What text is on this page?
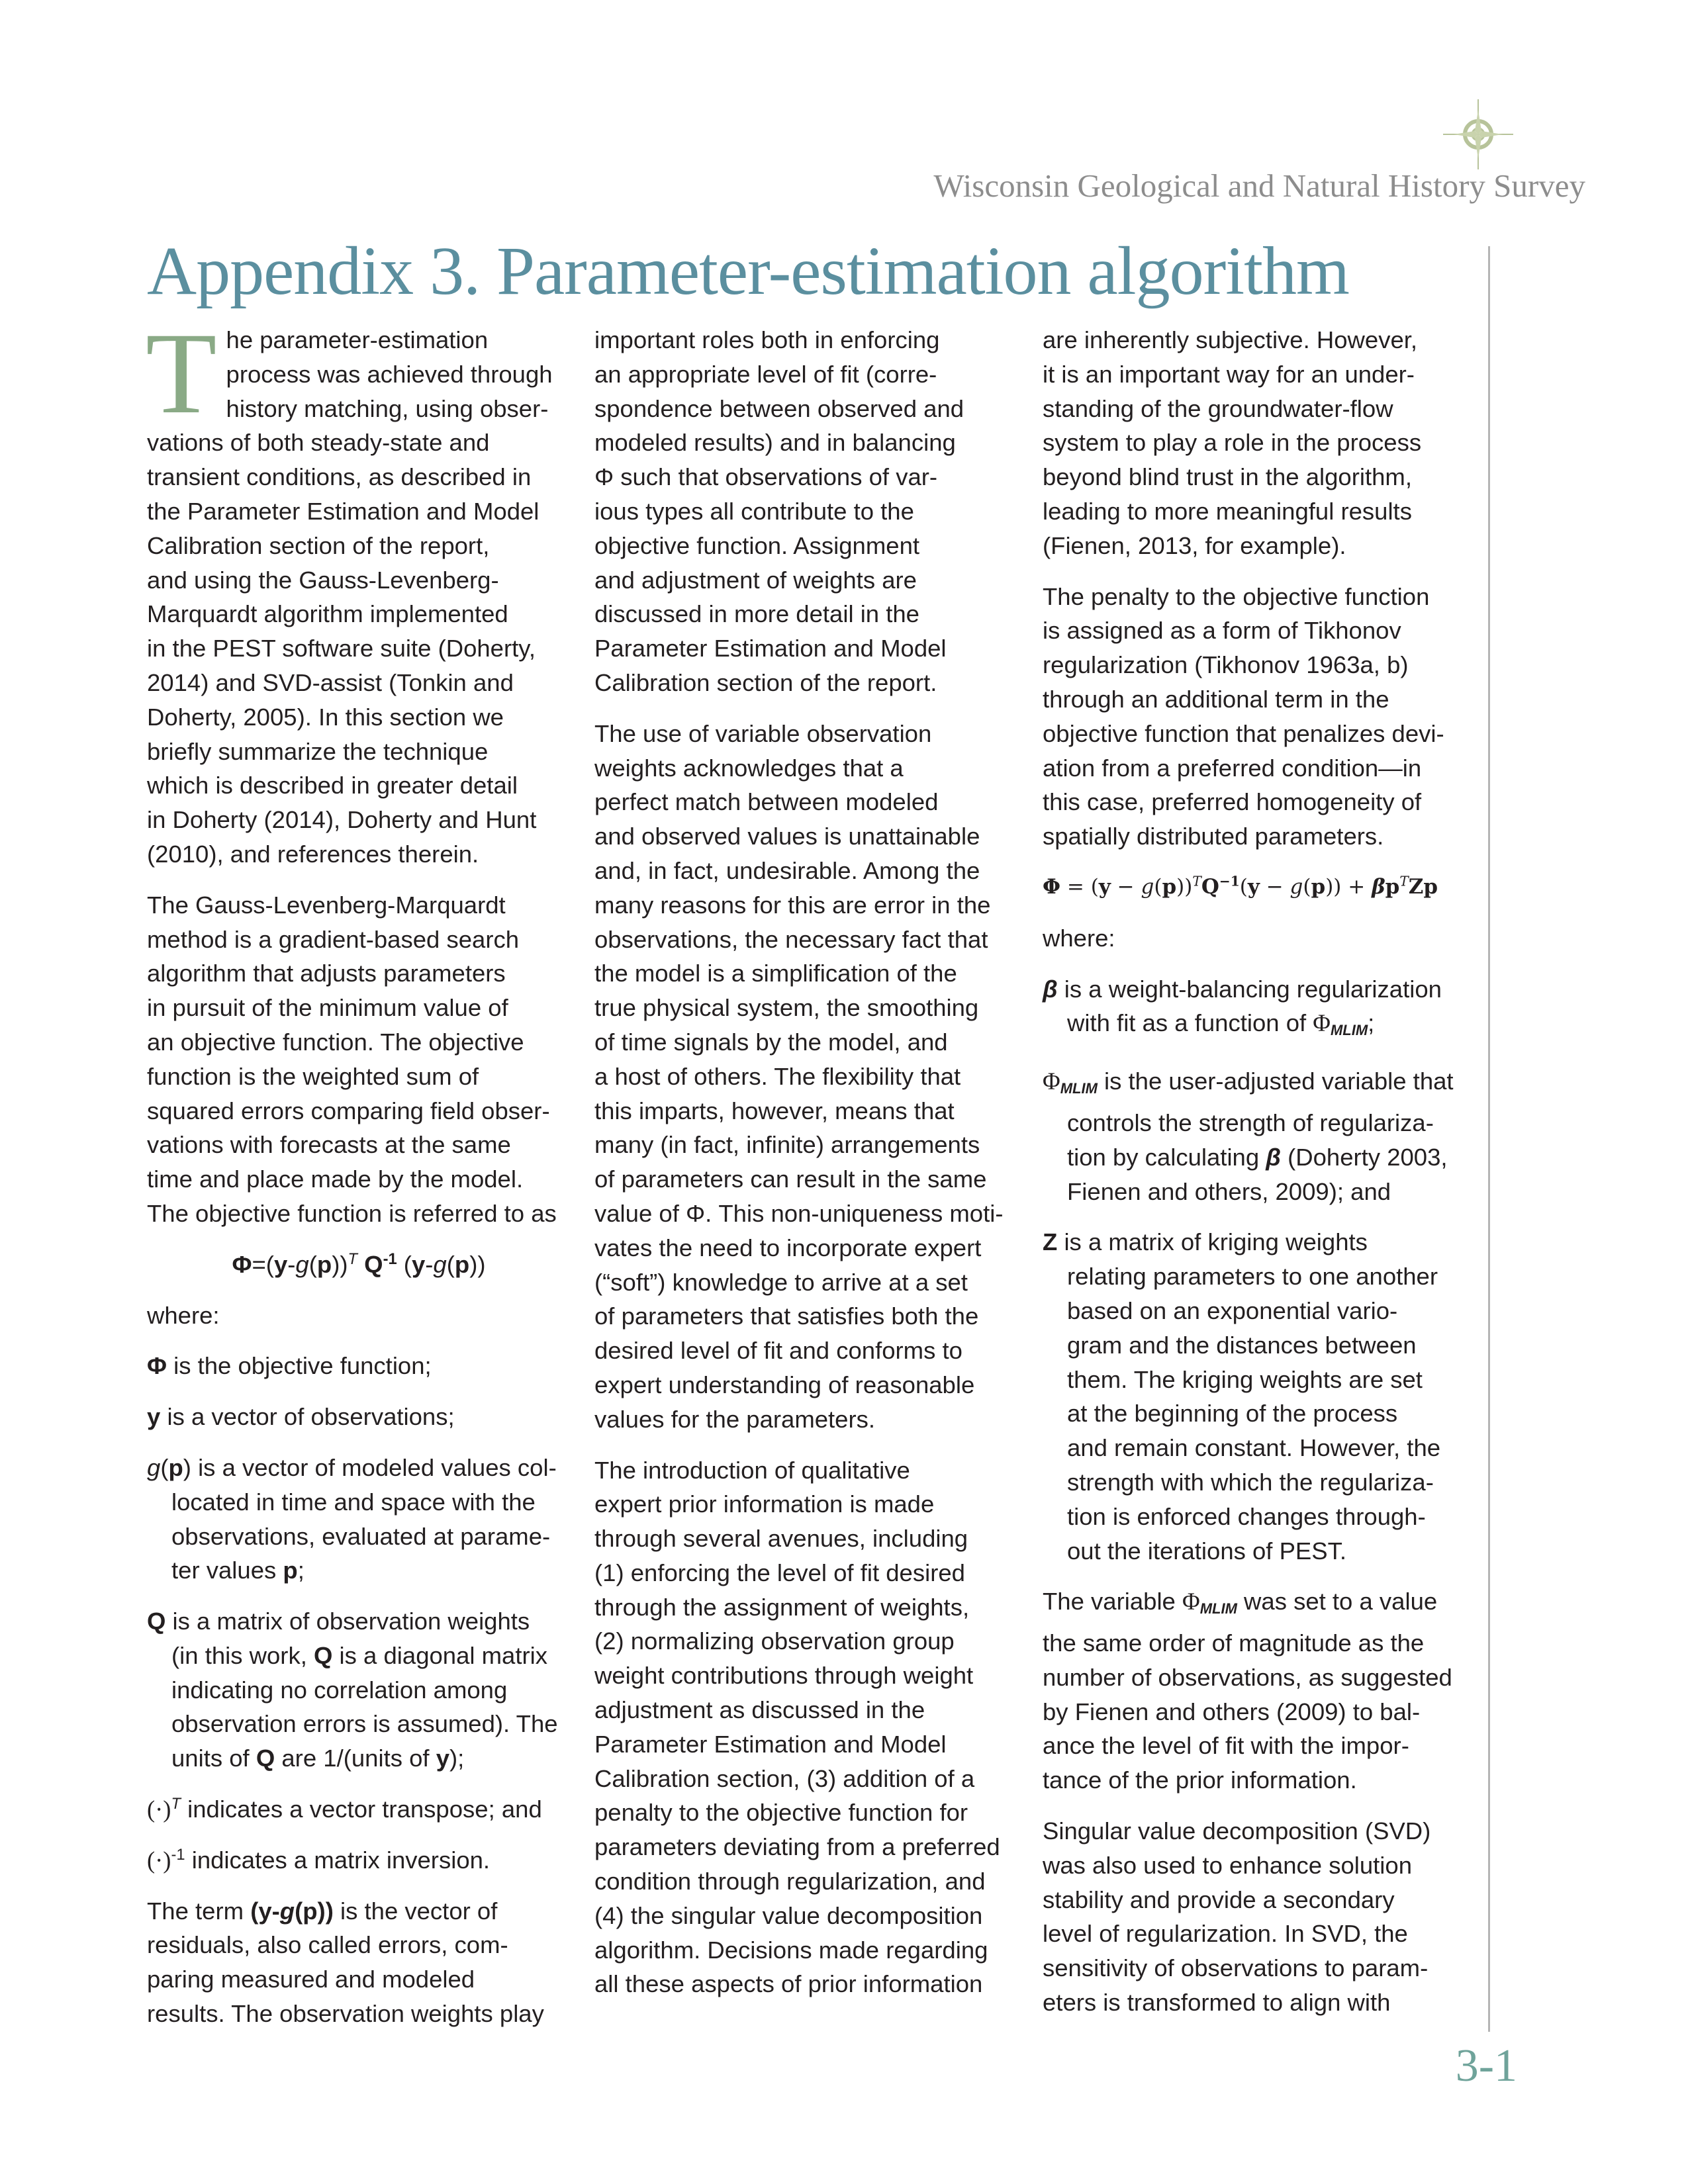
Wisconsin Geological and Natural History Survey
Appendix 3. Parameter-estimation algorithm

T he parameter-estimation
process was achieved through
history matching, using obser-
vations of both steady-state and
transient conditions, as described in
the Parameter Estimation and Model
Calibration section of the report,
and using the Gauss-Levenberg-
Marquardt algorithm implemented
in the PEST software suite (Doherty,
2014) and SVD-assist (Tonkin and
Doherty, 2005). In this section we
briefly summarize the technique
which is described in greater detail
in Doherty (2014), Doherty and Hunt
(2010), and references therein.

The Gauss-Levenberg-Marquardt
method is a gradient-based search
algorithm that adjusts parameters
in pursuit of the minimum value of
an objective function. The objective
function is the weighted sum of
squared errors comparing field obser-
vations with forecasts at the same
time and place made by the model.
The objective function is referred to as

$\Phi=(y-g(p))^T$ $Q^{-1}$ (y-g(p))

where:

Φ is the objective function;

y is a vector of observations;

g(p) is a vector of modeled values col-
located in time and space with the
observations, evaluated at parame-
ter values p;

Q is a matrix of observation weights
(in this work, Q is a diagonal matrix
indicating no correlation among
observation errors is assumed). The
units of Q are 1/(units of y);

$(\cdot)^T$ indicates a vector transpose; and

$(\cdot)^{-1}$ indicates a matrix inversion.

The term (y-g(p)) is the vector of
residuals, also called errors, com-
paring measured and modeled
results. The observation weights play

important roles both in enforcing
an appropriate level of fit (corre-
spondence between observed and
modeled results) and in balancing
Φ such that observations of var-
ious types all contribute to the
objective function. Assignment
and adjustment of weights are
discussed in more detail in the
Parameter Estimation and Model
Calibration section of the report.

The use of variable observation
weights acknowledges that a
perfect match between modeled
and observed values is unattainable
and, in fact, undesirable. Among the
many reasons for this are error in the
observations, the necessary fact that
the model is a simplification of the
true physical system, the smoothing
of time signals by the model, and
a host of others. The flexibility that
this imparts, however, means that
many (in fact, infinite) arrangements
of parameters can result in the same
value of Φ. This non-uniqueness moti-
vates the need to incorporate expert
(“soft”) knowledge to arrive at a set
of parameters that satisfies both the
desired level of fit and conforms to
expert understanding of reasonable
values for the parameters.

The introduction of qualitative
expert prior information is made
through several avenues, including
(1) enforcing the level of fit desired
through the assignment of weights,
(2) normalizing observation group
weight contributions through weight
adjustment as discussed in the
Parameter Estimation and Model
Calibration section, (3) addition of a
penalty to the objective function for
parameters deviating from a preferred
condition through regularization, and
(4) the singular value decomposition
algorithm. Decisions made regarding
all these aspects of prior information

are inherently subjective. However,
it is an important way for an under-
standing of the groundwater-flow
system to play a role in the process
beyond blind trust in the algorithm,
leading to more meaningful results
(Fienen, 2013, for example).

The penalty to the objective function
is assigned as a form of Tikhonov
regularization (Tikhonov 1963a, b)
through an additional term in the
objective function that penalizes devi-
ation from a preferred condition—in
this case, preferred homogeneity of
spatially distributed parameters.

$\Phi = (y - g(p))^TQ^{-1}(y - g(p)) + \beta p^TZp$

where:

β is a weight-balancing regularization
with fit as a function of $\Phi_{MLIM}$;

$\Phi_{MLIM}$ is the user-adjusted variable that
controls the strength of regulariza-
tion by calculating β (Doherty 2003,
Fienen and others, 2009); and

Z is a matrix of kriging weights
relating parameters to one another
based on an exponential vario-
gram and the distances between
them. The kriging weights are set
at the beginning of the process
and remain constant. However, the
strength with which the regulariza-
tion is enforced changes through-
out the iterations of PEST.

The variable $\Phi_{MLIM}$ was set to a value
the same order of magnitude as the
number of observations, as suggested
by Fienen and others (2009) to bal-
ance the level of fit with the impor-
tance of the prior information.

Singular value decomposition (SVD)
was also used to enhance solution
stability and provide a secondary
level of regularization. In SVD, the
sensitivity of observations to param-
eters is transformed to align with

3-1
